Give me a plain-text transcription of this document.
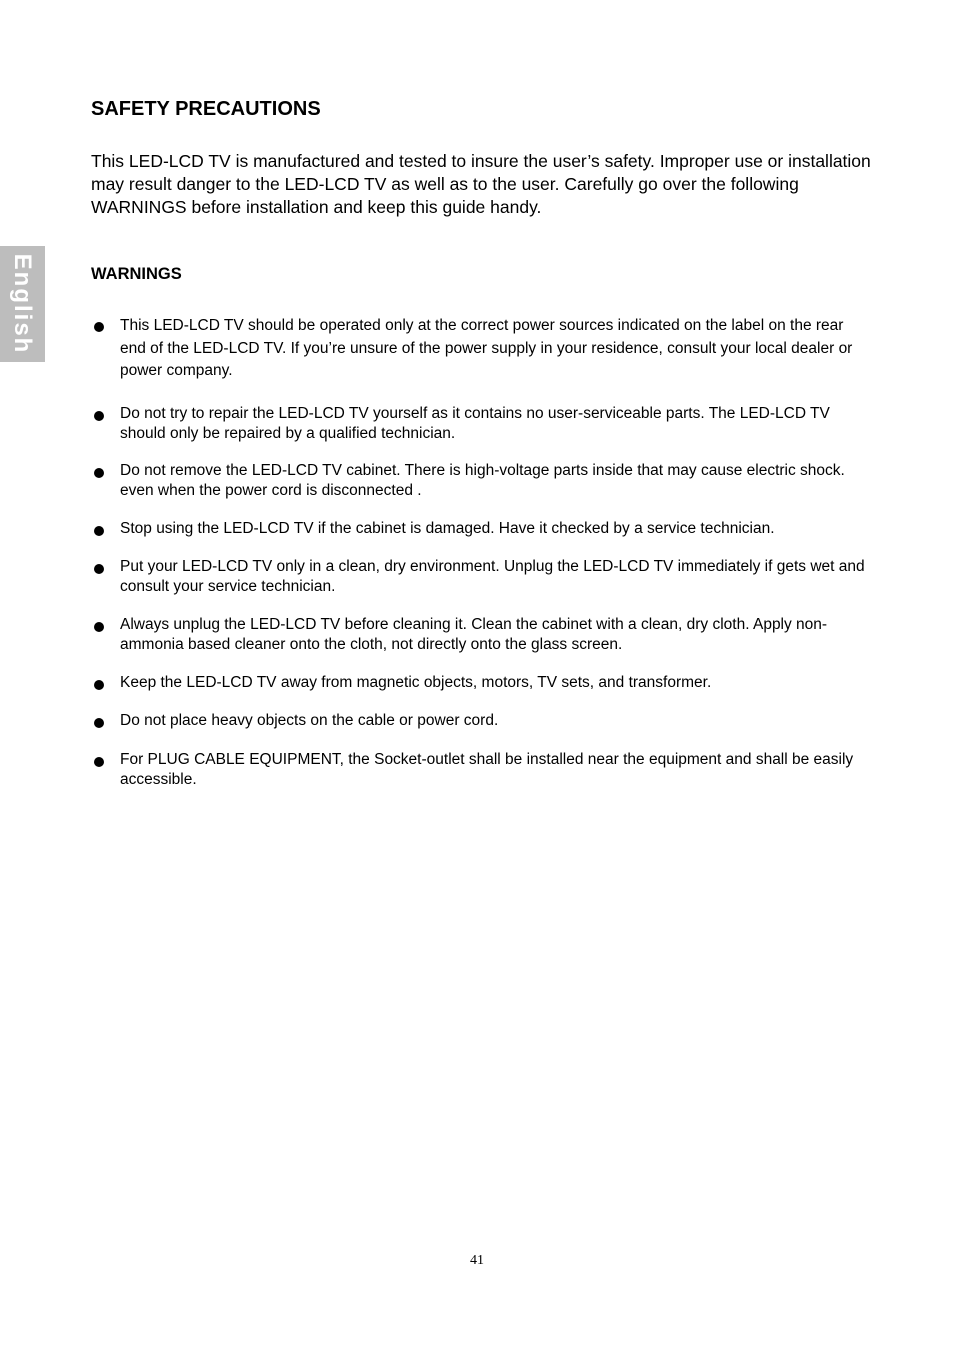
English
SAFETY PRECAUTIONS

This LED-LCD TV is manufactured and tested to insure the user’s safety. Improper use or installation may result danger to the LED-LCD TV as well as to the user. Carefully go over the following WARNINGS before installation and keep this guide handy.

WARNINGS
This LED-LCD TV should be operated only at the correct power sources indicated on the label on the rear end of the LED-LCD TV. If you’re unsure of the power supply in your residence, consult your local dealer or power company.
Do not try to repair the LED-LCD TV yourself as it contains no user-serviceable parts. The LED-LCD TV should only be repaired by a qualified technician.
Do not remove the LED-LCD TV cabinet. There is high-voltage parts inside that may cause electric shock. even when the power cord is disconnected .
Stop using the LED-LCD TV if the cabinet is damaged. Have it checked by a service technician.
Put your LED-LCD TV only in a clean, dry environment. Unplug the LED-LCD TV immediately if gets wet and consult your service technician.
Always unplug the LED-LCD TV before cleaning it. Clean the cabinet with a clean, dry cloth. Apply non-ammonia based cleaner onto the cloth, not directly onto the glass screen.
Keep the LED-LCD TV away from magnetic objects, motors, TV sets, and transformer.
Do not place heavy objects on the cable or power cord.
For PLUG CABLE EQUIPMENT, the Socket-outlet shall be installed near the equipment and shall be easily accessible.
41
